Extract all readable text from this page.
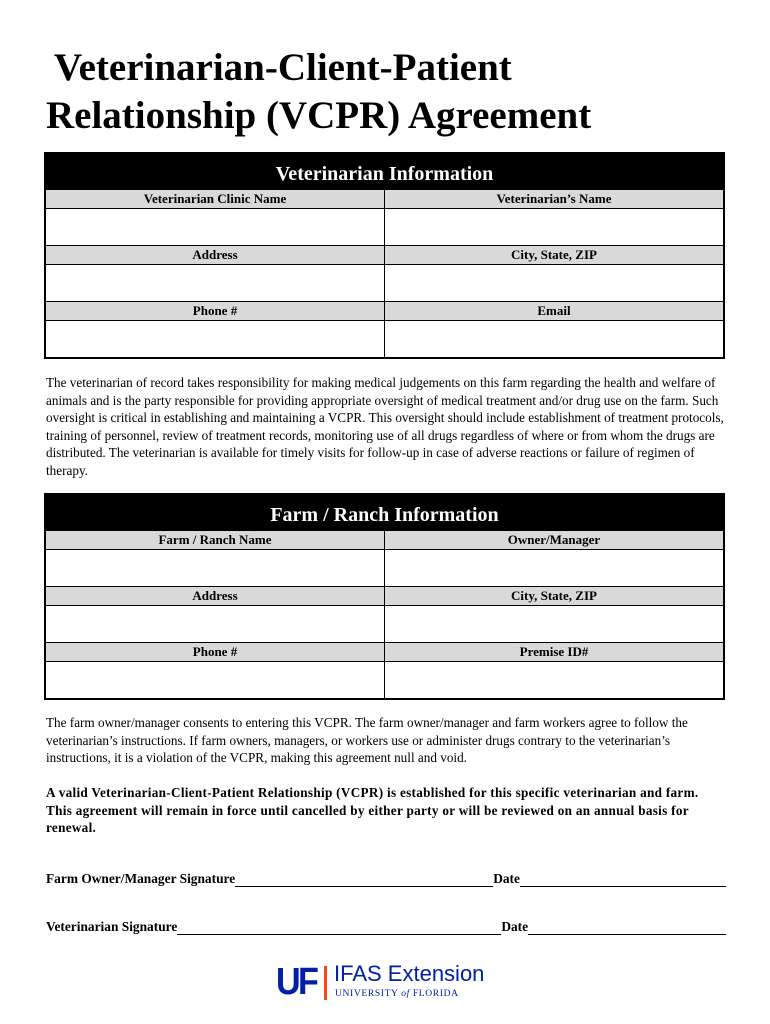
Veterinarian-Client-Patient
Relationship (VCPR) Agreement
Veterinarian Information
Veterinarian Clinic Name	Veterinarian’s Name

Address	City, State, ZIP

Phone #	Email

The veterinarian of record takes responsibility for making medical judgements on this farm regarding the health and welfare of animals and is the party responsible for providing appropriate oversight of medical treatment and/or drug use on the farm. Such oversight is critical in establishing and maintaining a VCPR. This oversight should include establishment of treatment protocols, training of personnel, review of treatment records, monitoring use of all drugs regardless of where or from whom the drugs are distributed. The veterinarian is available for timely visits for follow-up in case of adverse reactions or failure of regimen of therapy.

Farm / Ranch Information
Farm / Ranch Name	Owner/Manager

Address	City, State, ZIP

Phone #	Premise ID#

The farm owner/manager consents to entering this VCPR. The farm owner/manager and farm workers agree to follow the veterinarian’s instructions. If farm owners, managers, or workers use or administer drugs contrary to the veterinarian’s instructions, it is a violation of the VCPR, making this agreement null and void.

A valid Veterinarian-Client-Patient Relationship (VCPR) is established for this specific veterinarian and farm. This agreement will remain in force until cancelled by either party or will be reviewed on an annual basis for renewal.

Farm Owner/Manager Signature	Date
Veterinarian Signature	Date
UF IFAS Extension
UNIVERSITY of FLORIDA
